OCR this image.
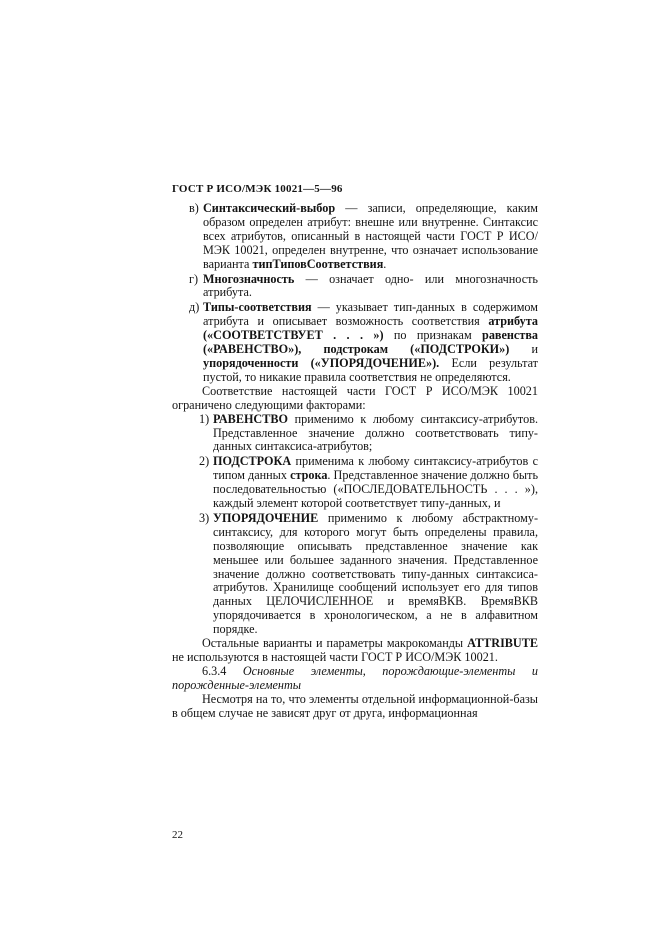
ГОСТ Р ИСО/МЭК 10021—5—96
в) Синтаксический-выбор — записи, определяющие, каким образом определен атрибут: внешне или внутренне. Синтаксис всех атрибутов, описанный в настоящей части ГОСТ Р ИСО/МЭК 10021, определен внутренне, что означает использование варианта типТиповСоответствия.
г) Многозначность — означает одно- или многозначность атрибута.
д) Типы-соответствия — указывает тип-данных в содержимом атрибута и описывает возможность соответствия атрибута («СООТВЕТСТВУЕТ . . . ») по признакам равенства («РАВЕНСТВО»), подстрокам («ПОДСТРОКИ») и упорядоченности («УПОРЯДОЧЕНИЕ»). Если результат пустой, то никакие правила соответствия не определяются.
Соответствие настоящей части ГОСТ Р ИСО/МЭК 10021 ограничено следующими факторами:
1) РАВЕНСТВО применимо к любому синтаксису-атрибутов. Представленное значение должно соответствовать типу-данных синтаксиса-атрибутов;
2) ПОДСТРОКА применима к любому синтаксису-атрибутов с типом данных строка. Представленное значение должно быть последовательностью («ПОСЛЕДОВАТЕЛЬНОСТЬ . . . »), каждый элемент которой соответствует типу-данных, и
3) УПОРЯДОЧЕНИЕ применимо к любому абстрактному-синтаксису, для которого могут быть определены правила, позволяющие описывать представленное значение как меньшее или большее заданного значения. Представленное значение должно соответствовать типу-данных синтаксиса-атрибутов. Хранилище сообщений использует его для типов данных ЦЕЛОЧИСЛЕННОЕ и времяВКВ. ВремяВКВ упорядочивается в хронологическом, а не в алфавитном порядке.
Остальные варианты и параметры макрокоманды ATTRIBUTE не используются в настоящей части ГОСТ Р ИСО/МЭК 10021.
6.3.4 Основные элементы, порождающие-элементы и порожденные-элементы
Несмотря на то, что элементы отдельной информационной-базы в общем случае не зависят друг от друга, информационная
22
